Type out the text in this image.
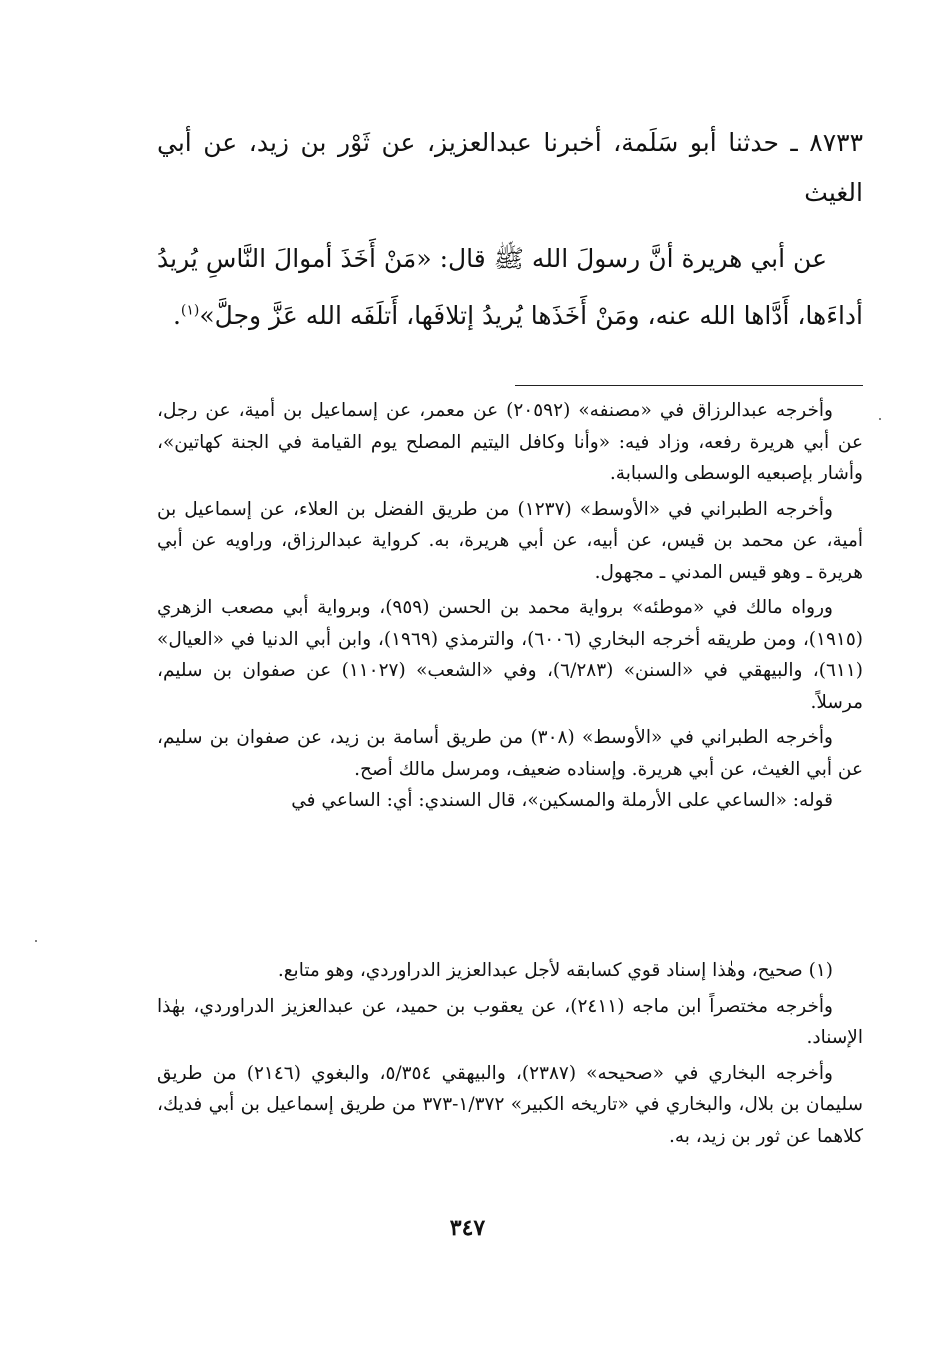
٨٧٣٣ ـ حدثنا أبو سَلَمة، أخبرنا عبدالعزيز، عن ثَوْر بن زيد، عن أبي الغيث

عن أبي هريرة أنَّ رسولَ الله ﷺ قال: «مَنْ أَخَذَ أموالَ النَّاسِ يُريدُ أداءَها، أَدَّاها الله عنه، ومَنْ أَخَذَها يُريدُ إتلافَها، أَتلَفَه الله عَزَّ وجلَّ»$^{(١)}$.

وأخرجه عبدالرزاق في «مصنفه» (٢٠٥٩٢) عن معمر، عن إسماعيل بن أمية، عن رجل، عن أبي هريرة رفعه، وزاد فيه: «وأنا وكافل اليتيم المصلح يوم القيامة في الجنة كهاتين»، وأشار بإصبعيه الوسطى والسبابة.

وأخرجه الطبراني في «الأوسط» (١٢٣٧) من طريق الفضل بن العلاء، عن إسماعيل بن أمية، عن محمد بن قيس، عن أبيه، عن أبي هريرة، به. كرواية عبدالرزاق، وراويه عن أبي هريرة ـ وهو قيس المدني ـ مجهول.

ورواه مالك في «موطئه» برواية محمد بن الحسن (٩٥٩)، وبرواية أبي مصعب الزهري (١٩١٥)، ومن طريقه أخرجه البخاري (٦٠٠٦)، والترمذي (١٩٦٩)، وابن أبي الدنيا في «العيال» (٦١١)، والبيهقي في «السنن» (٦/٢٨٣)، وفي «الشعب» (١١٠٢٧) عن صفوان بن سليم، مرسلاً.

وأخرجه الطبراني في «الأوسط» (٣٠٨) من طريق أسامة بن زيد، عن صفوان بن سليم، عن أبي الغيث، عن أبي هريرة. وإسناده ضعيف، ومرسل مالك أصح.

قوله: «الساعي على الأرملة والمسكين»، قال السندي: أي: الساعي في

(١) صحيح، وهٰذا إسناد قوي كسابقه لأجل عبدالعزيز الدراوردي، وهو متابع.

وأخرجه مختصراً ابن ماجه (٢٤١١)، عن يعقوب بن حميد، عن عبدالعزيز الدراوردي، بهٰذا الإسناد.

وأخرجه البخاري في «صحيحه» (٢٣٨٧)، والبيهقي ٥/٣٥٤، والبغوي (٢١٤٦) من طريق سليمان بن بلال، والبخاري في «تاريخه الكبير» ١/٣٧٢-٣٧٣ من طريق إسماعيل بن أبي فديك، كلاهما عن ثور بن زيد، به.

٣٤٧
